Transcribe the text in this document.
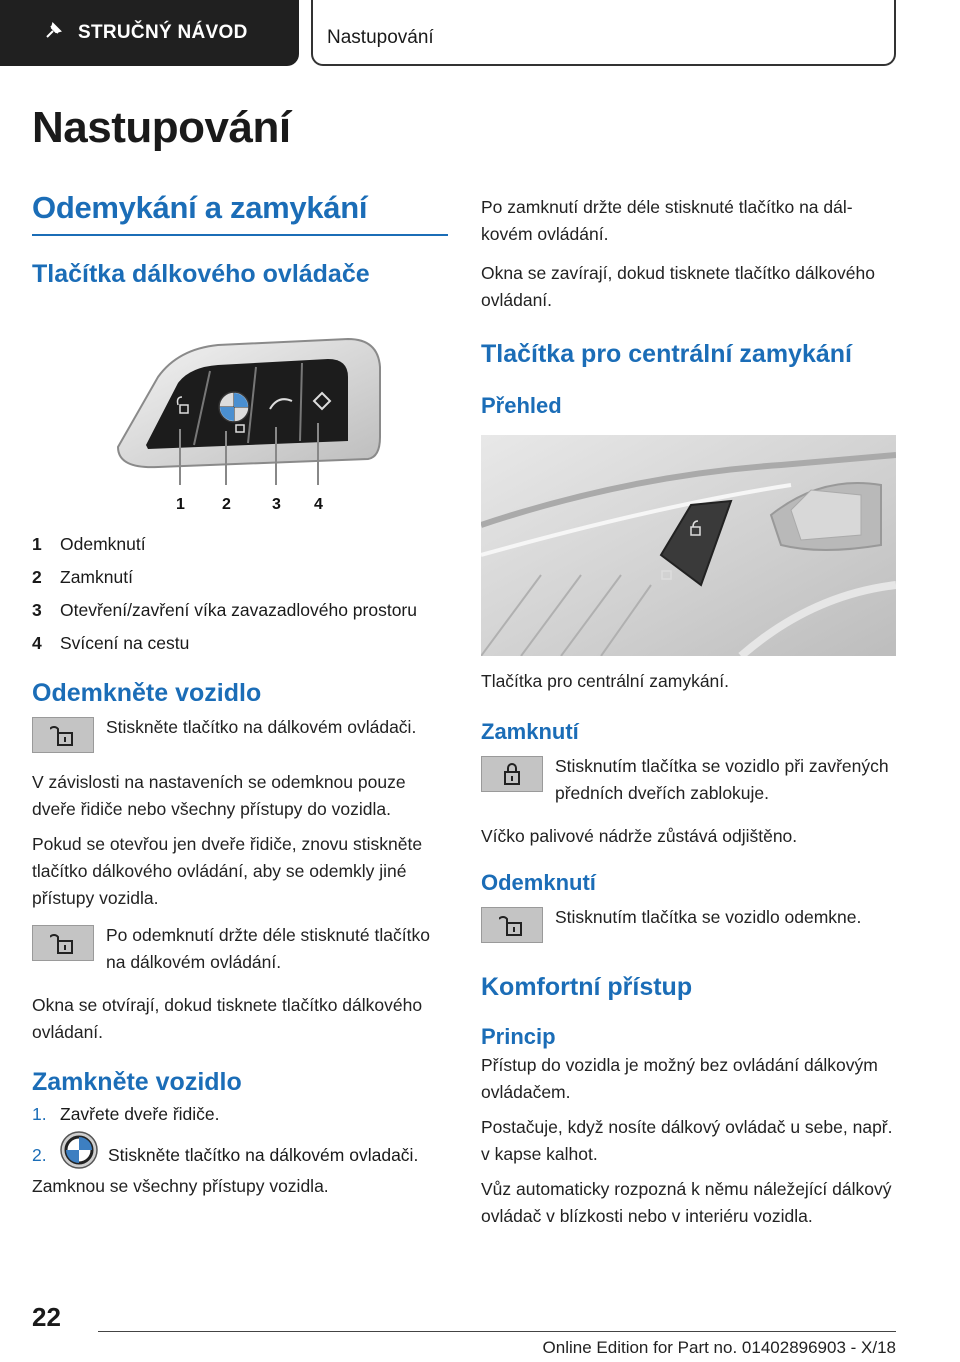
STRUČNÝ NÁVOD	Nastupování
Nastupování
Odemykání a zamykání
Tlačítka dálkového ovládače
1 2	3 4
1	Odemknutí
2	Zamknutí
3	Otevření/zavření víka zavazadlového prostoru
4	Svícení na cestu
Odemkněte vozidlo
Stiskněte tlačítko na dálkovém ovládači.
V závislosti na nastaveních se odemknou pouze dveře řidiče nebo všechny přístupy do vozidla.
Pokud se otevřou jen dveře řidiče, znovu stiskněte tlačítko dálkového ovládání, aby se odemkly jiné přístupy vozidla.
Po odemknutí držte déle stisknuté tlačítko na dálkovém ovládání.
Okna se otvírají, dokud tisknete tlačítko dálkového ovládaní.
Zamkněte vozidlo
1. Zavřete dveře řidiče.
2.	Stiskněte tlačítko na dálkovém ovladači.
Zamknou se všechny přístupy vozidla.
Po zamknutí držte déle stisknuté tlačítko na dálkovém ovládání.
Okna se zavírají, dokud tisknete tlačítko dálkového ovládaní.
Tlačítka pro centrální zamykání
Přehled
Tlačítka pro centrální zamykání.
Zamknutí
Stisknutím tlačítka se vozidlo při zavřených předních dveřích zablokuje.
Víčko palivové nádrže zůstává odjištěno.
Odemknutí
Stisknutím tlačítka se vozidlo odemkne.
Komfortní přístup
Princip
Přístup do vozidla je možný bez ovládání dálkovým ovládačem.
Postačuje, když nosíte dálkový ovládač u sebe, např. v kapse kalhot.
Vůz automaticky rozpozná k němu náležející dálkový ovládač v blízkosti nebo v interiéru vozidla.
22
Online Edition for Part no. 01402896903 - X/18
